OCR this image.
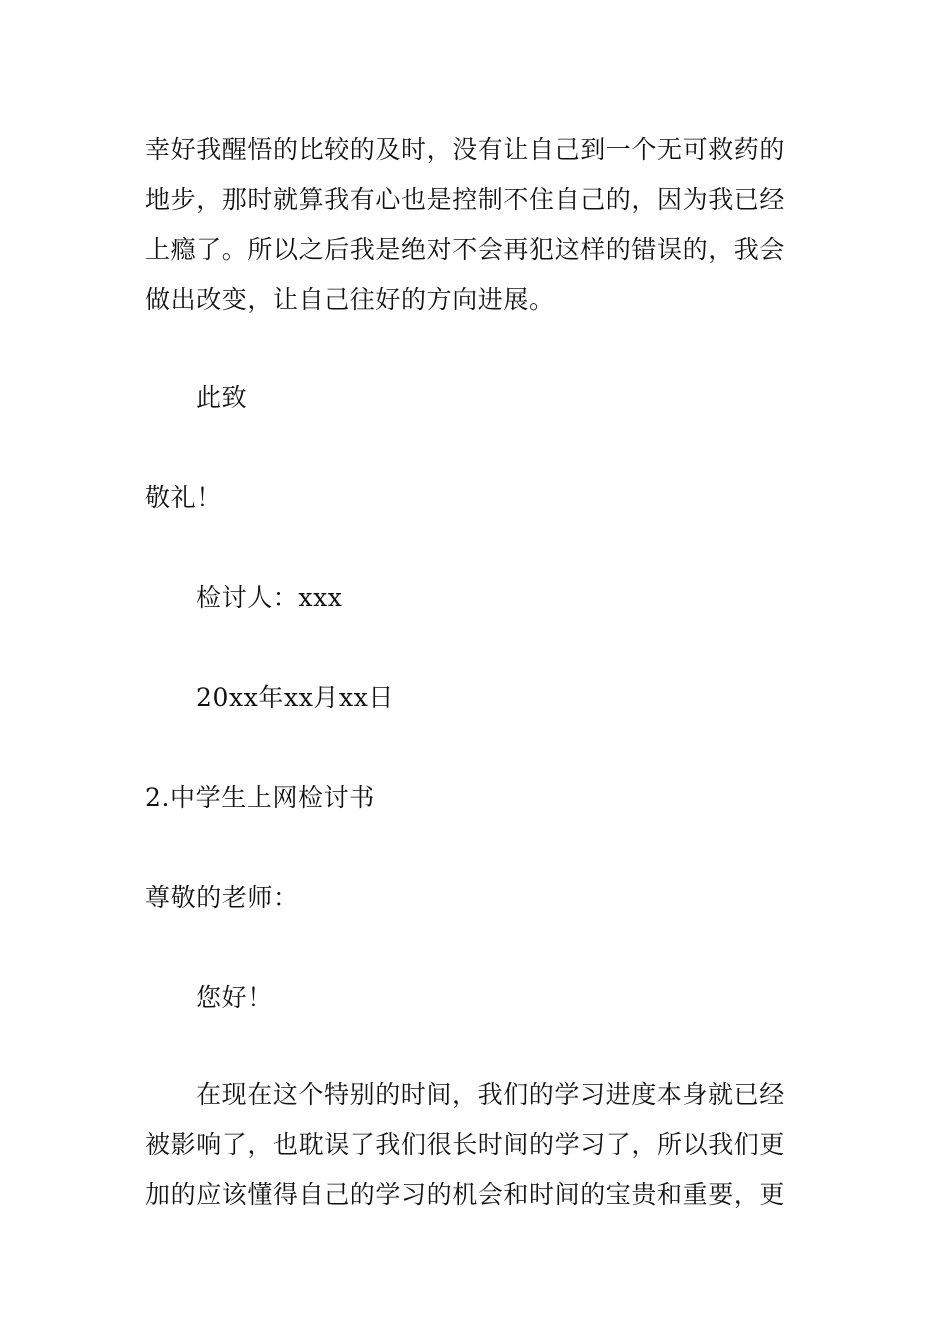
幸好我醒悟的比较的及时，没有让自己到一个无可救药的
地步，那时就算我有心也是控制不住自己的，因为我已经
上瘾了。所以之后我是绝对不会再犯这样的错误的，我会
做出改变，让自己往好的方向进展。
此致
敬礼！
检讨人：xxx
20xx年xx月xx日
2.中学生上网检讨书
尊敬的老师：
您好！
在现在这个特别的时间，我们的学习进度本身就已经
被影响了，也耽误了我们很长时间的学习了，所以我们更
加的应该懂得自己的学习的机会和时间的宝贵和重要，更
